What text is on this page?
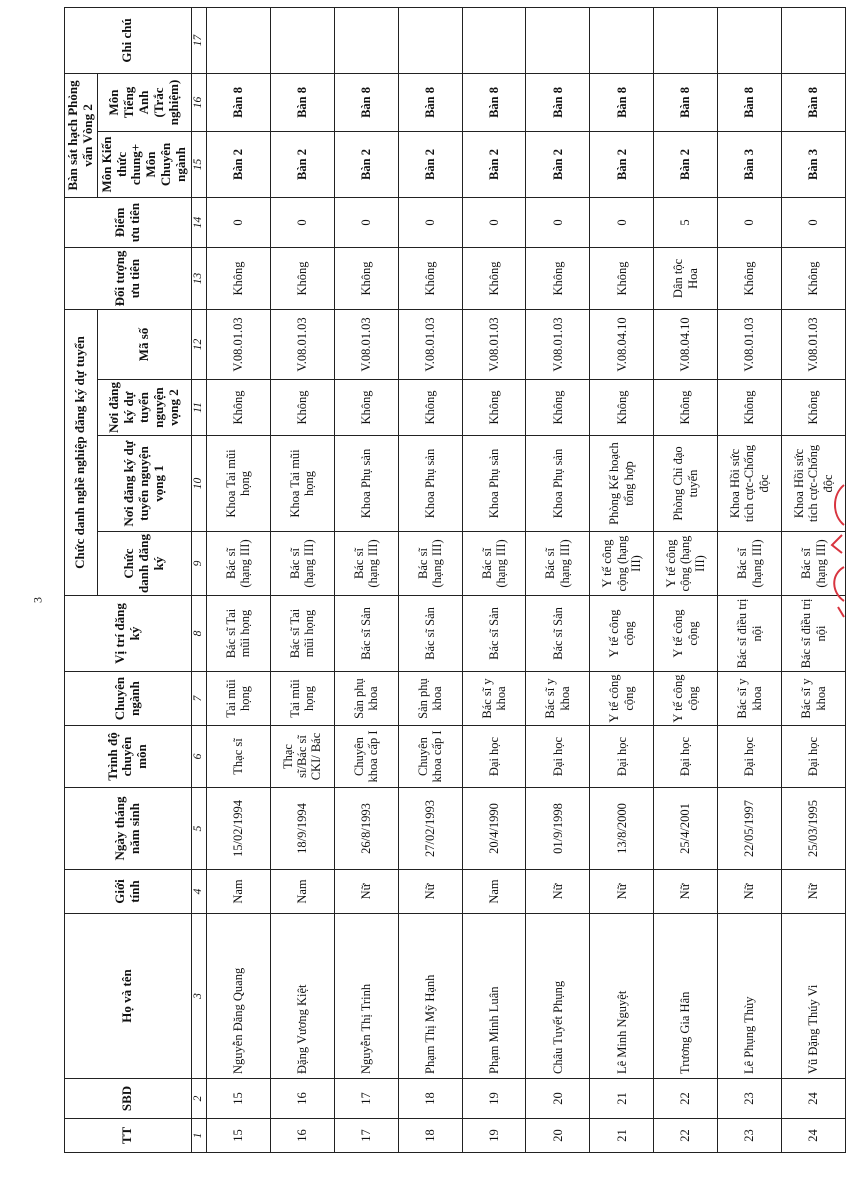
3
TT	SBD	Họ và tên	Giới tính	Ngày tháng năm sinh	Trình độ chuyên môn	Chuyên ngành	Vị trí đăng ký	Chức danh nghề nghiệp đăng ký dự tuyển				Đối tượng ưu tiên	Điểm ưu tiên	Bàn sát hạch Phỏng vấn Vòng 2		Ghi chú
								Chức danh đăng ký	Nơi đăng ký dự tuyển nguyện vọng 1	Nơi đăng ký dự tuyển nguyện vọng 2	Mã số			Môn Kiến thức chung+ Môn Chuyên ngành	Môn Tiếng Anh (Trắc nghiệm)	

1	2	3	4	5	6	7	8	9	10	11	12	13	14	15	16	17
15	15	Nguyễn Đăng Quang	Nam	15/02/1994	Thạc sĩ	Tai mũi họng	Bác sĩ Tai mũi họng	Bác sĩ (hạng III)	Khoa Tai mũi họng	Không	V.08.01.03	Không	0	Bàn 2	Bàn 8	
16	16	Đặng Vương Kiệt	Nam	18/9/1994	Thạc sĩ/Bác sĩ CKI/ Bác	Tai mũi họng	Bác sĩ Tai mũi họng	Bác sĩ (hạng III)	Khoa Tai mũi họng	Không	V.08.01.03	Không	0	Bàn 2	Bàn 8	
17	17	Nguyễn Thị Trinh	Nữ	26/8/1993	Chuyên khoa cấp I	Sản phụ khoa	Bác sĩ Sản	Bác sĩ (hạng III)	Khoa Phụ sản	Không	V.08.01.03	Không	0	Bàn 2	Bàn 8	
18	18	Phạm Thị Mỹ Hạnh	Nữ	27/02/1993	Chuyên khoa cấp I	Sản phụ khoa	Bác sĩ Sản	Bác sĩ (hạng III)	Khoa Phụ sản	Không	V.08.01.03	Không	0	Bàn 2	Bàn 8	
19	19	Phạm Minh Luân	Nam	20/4/1990	Đại học	Bác sĩ y khoa	Bác sĩ Sản	Bác sĩ (hạng III)	Khoa Phụ sản	Không	V.08.01.03	Không	0	Bàn 2	Bàn 8	
20	20	Châu Tuyết Phụng	Nữ	01/9/1998	Đại học	Bác sĩ y khoa	Bác sĩ Sản	Bác sĩ (hạng III)	Khoa Phụ sản	Không	V.08.01.03	Không	0	Bàn 2	Bàn 8	
21	21	Lê Minh Nguyệt	Nữ	13/8/2000	Đại học	Y tế công cộng	Y tế công cộng	Y tế công cộng (hạng III)	Phòng Kế hoạch tổng hợp	Không	V.08.04.10	Không	0	Bàn 2	Bàn 8	
22	22	Trương Gia Hân	Nữ	25/4/2001	Đại học	Y tế công cộng	Y tế công cộng	Y tế công cộng (hạng III)	Phòng Chỉ đạo tuyến	Không	V.08.04.10	Dân tộc Hoa	5	Bàn 2	Bàn 8	
23	23	Lê Phụng Thùy	Nữ	22/05/1997	Đại học	Bác sĩ y khoa	Bác sĩ điều trị nội	Bác sĩ (hạng III)	Khoa Hồi sức tích cực-Chống độc	Không	V.08.01.03	Không	0	Bàn 3	Bàn 8	
24	24	Vũ Đặng Thúy Vi	Nữ	25/03/1995	Đại học	Bác sĩ y khoa	Bác sĩ điều trị nội	Bác sĩ (hạng III)	Khoa Hồi sức tích cực-Chống độc	Không	V.08.01.03	Không	0	Bàn 3	Bàn 8	
